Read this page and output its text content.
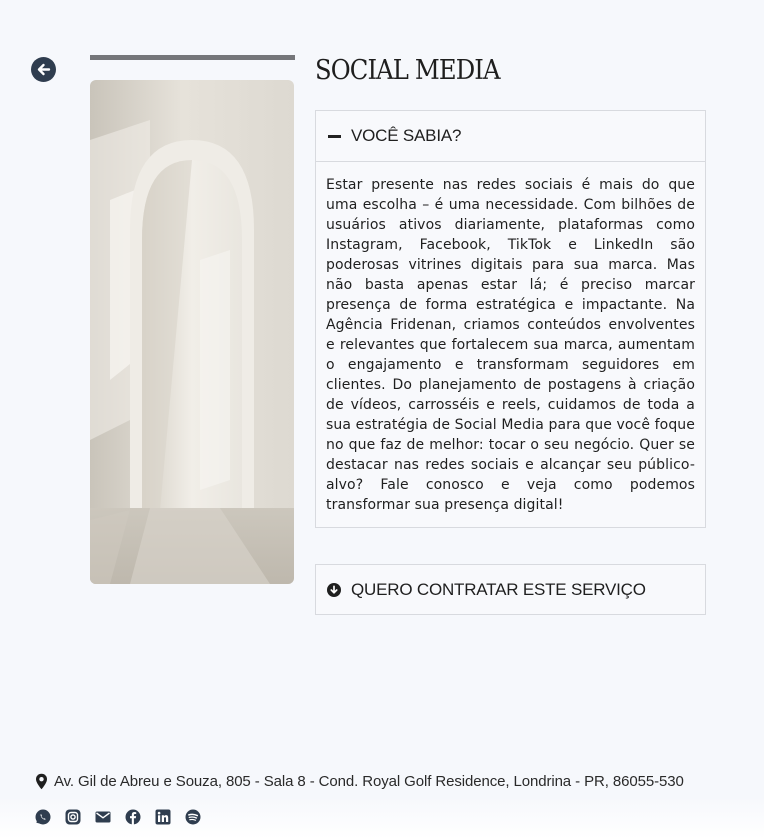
SOCIAL MEDIA
VOCÊ SABIA?
Estar presente nas redes sociais é mais do que uma escolha – é uma necessidade. Com bilhões de usuários ativos diariamente, plataformas como Instagram, Facebook, TikTok e LinkedIn são poderosas vitrines digitais para sua marca. Mas não basta apenas estar lá; é preciso marcar presença de forma estratégica e impactante. Na Agência Fridenan, criamos conteúdos envolventes e relevantes que fortalecem sua marca, aumentam o engajamento e transformam seguidores em clientes. Do planejamento de postagens à criação de vídeos, carrosséis e reels, cuidamos de toda a sua estratégia de Social Media para que você foque no que faz de melhor: tocar o seu negócio. Quer se destacar nas redes sociais e alcançar seu público-alvo? Fale conosco e veja como podemos transformar sua presença digital!
QUERO CONTRATAR ESTE SERVIÇO
Av. Gil de Abreu e Souza, 805 - Sala 8 - Cond. Royal Golf Residence, Londrina - PR, 86055-530
